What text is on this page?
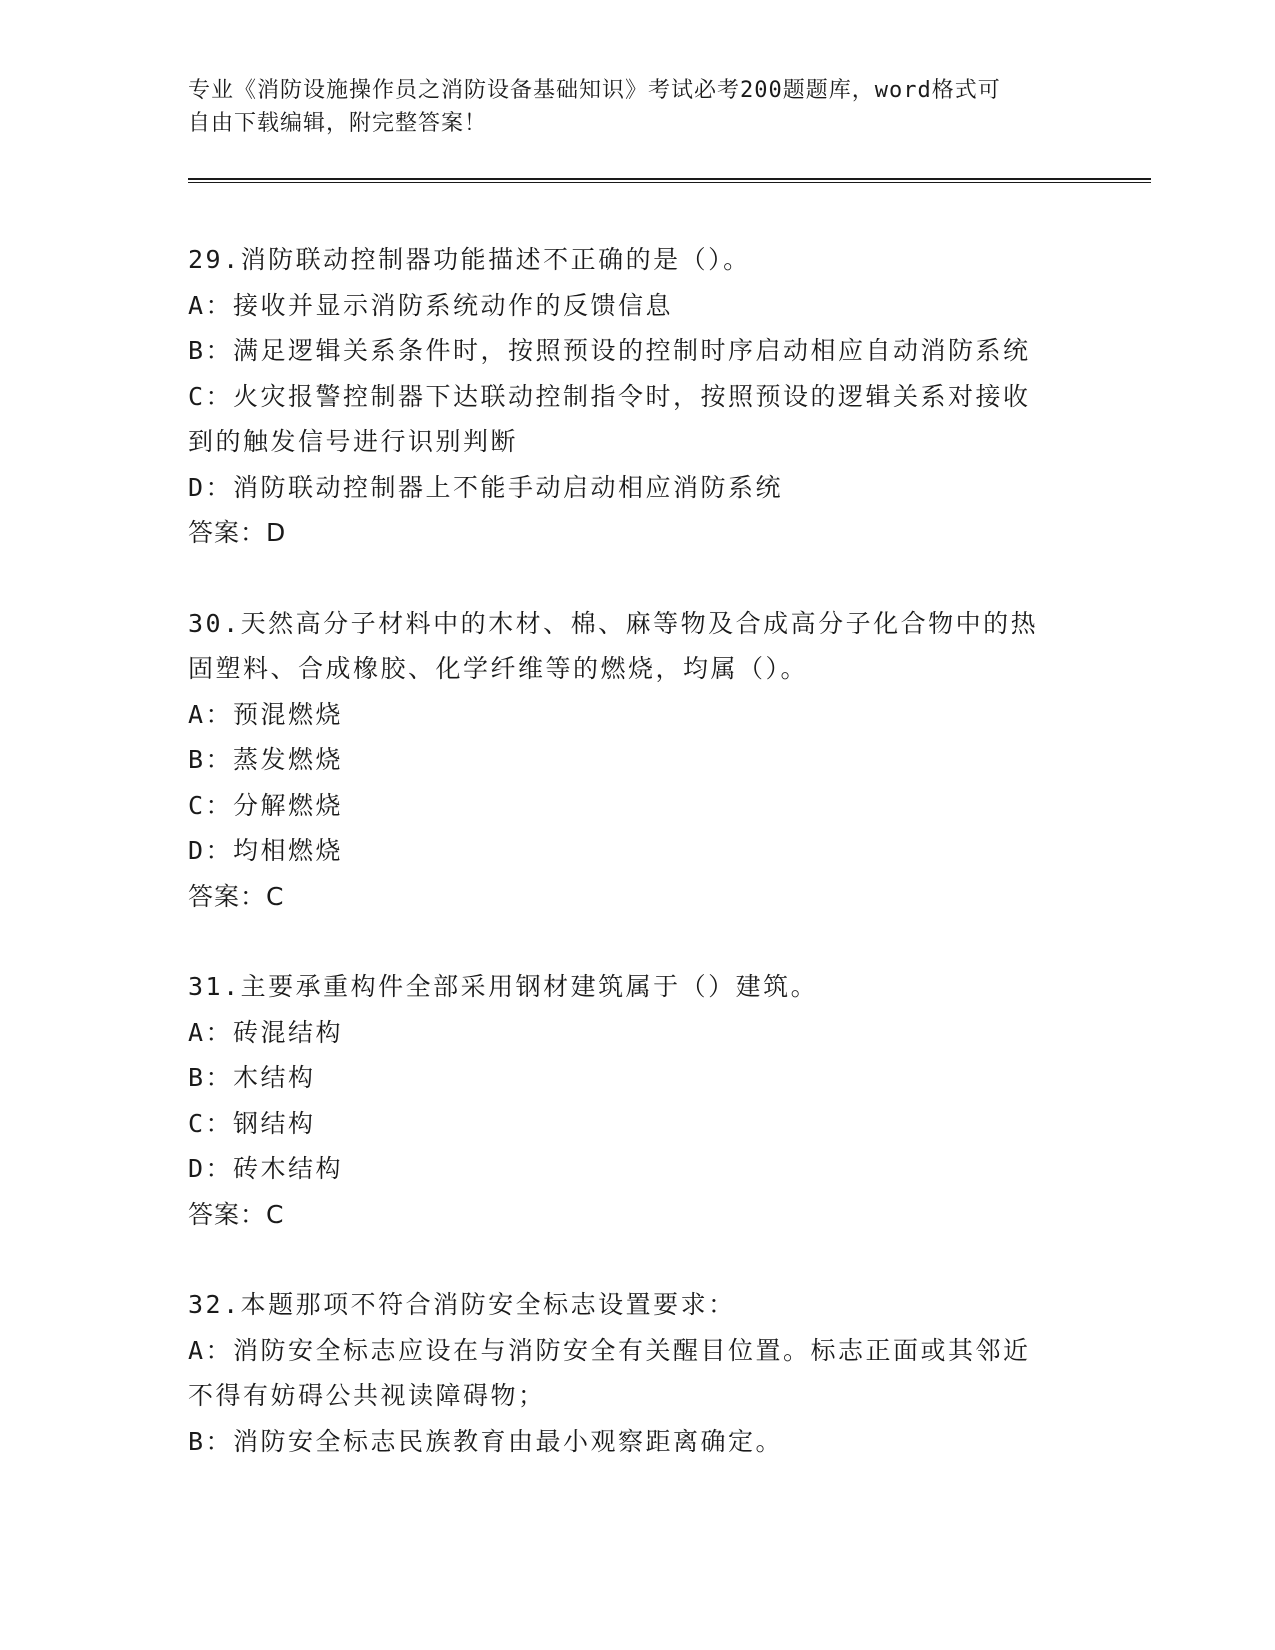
专业《消防设施操作员之消防设备基础知识》考试必考200题题库，word格式可

自由下载编辑，附完整答案！

29.消防联动控制器功能描述不正确的是（）。

A：接收并显示消防系统动作的反馈信息

B：满足逻辑关系条件时，按照预设的控制时序启动相应自动消防系统

C：火灾报警控制器下达联动控制指令时，按照预设的逻辑关系对接收

到的触发信号进行识别判断

D：消防联动控制器上不能手动启动相应消防系统

答案：D

30.天然高分子材料中的木材、棉、麻等物及合成高分子化合物中的热

固塑料、合成橡胶、化学纤维等的燃烧，均属（）。

A：预混燃烧

B：蒸发燃烧

C：分解燃烧

D：均相燃烧

答案：C

31.主要承重构件全部采用钢材建筑属于（）建筑。

A：砖混结构

B：木结构

C：钢结构

D：砖木结构

答案：C

32.本题那项不符合消防安全标志设置要求：

A：消防安全标志应设在与消防安全有关醒目位置。标志正面或其邻近

不得有妨碍公共视读障碍物；

B：消防安全标志民族教育由最小观察距离确定。
